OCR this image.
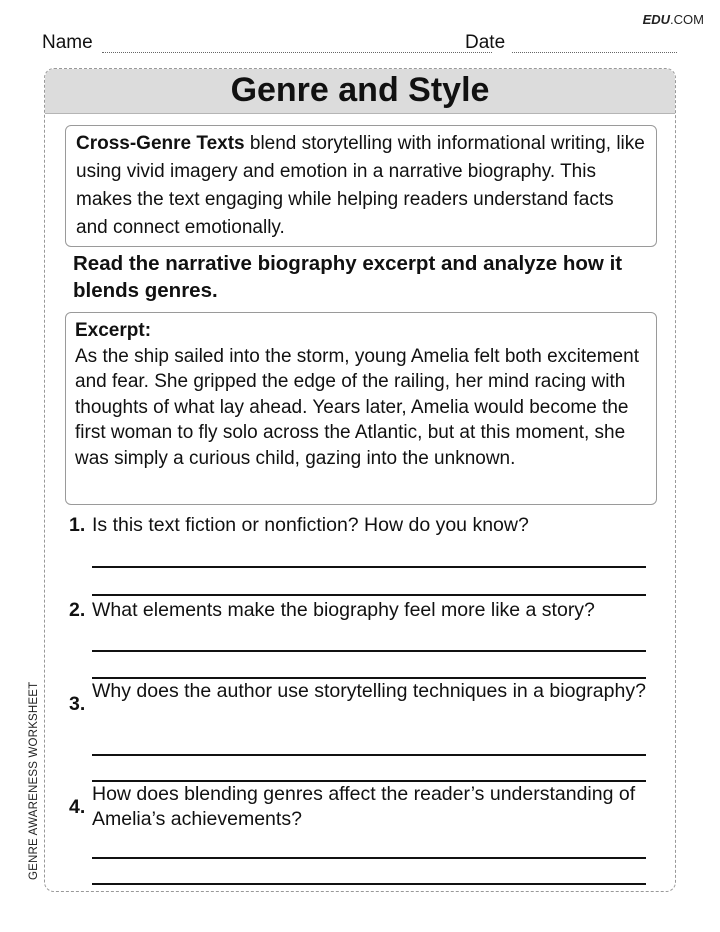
EDU.COM
Name	Date
GENRE AWARENESS WORKSHEET
Genre and Style
Cross-Genre Texts blend storytelling with informational writing, like using vivid imagery and emotion in a narrative biography. This makes the text engaging while helping readers understand facts and connect emotionally.
Read the narrative biography excerpt and analyze how it blends genres.
Excerpt:
As the ship sailed into the storm, young Amelia felt both excitement and fear. She gripped the edge of the railing, her mind racing with thoughts of what lay ahead. Years later, Amelia would become the first woman to fly solo across the Atlantic, but at this moment, she was simply a curious child, gazing into the unknown.
1. Is this text fiction or nonfiction? How do you know?
2. What elements make the biography feel more like a story?
3.
Why does the author use storytelling techniques in a biography?
4.
How does blending genres affect the reader’s understanding of Amelia’s achievements?
